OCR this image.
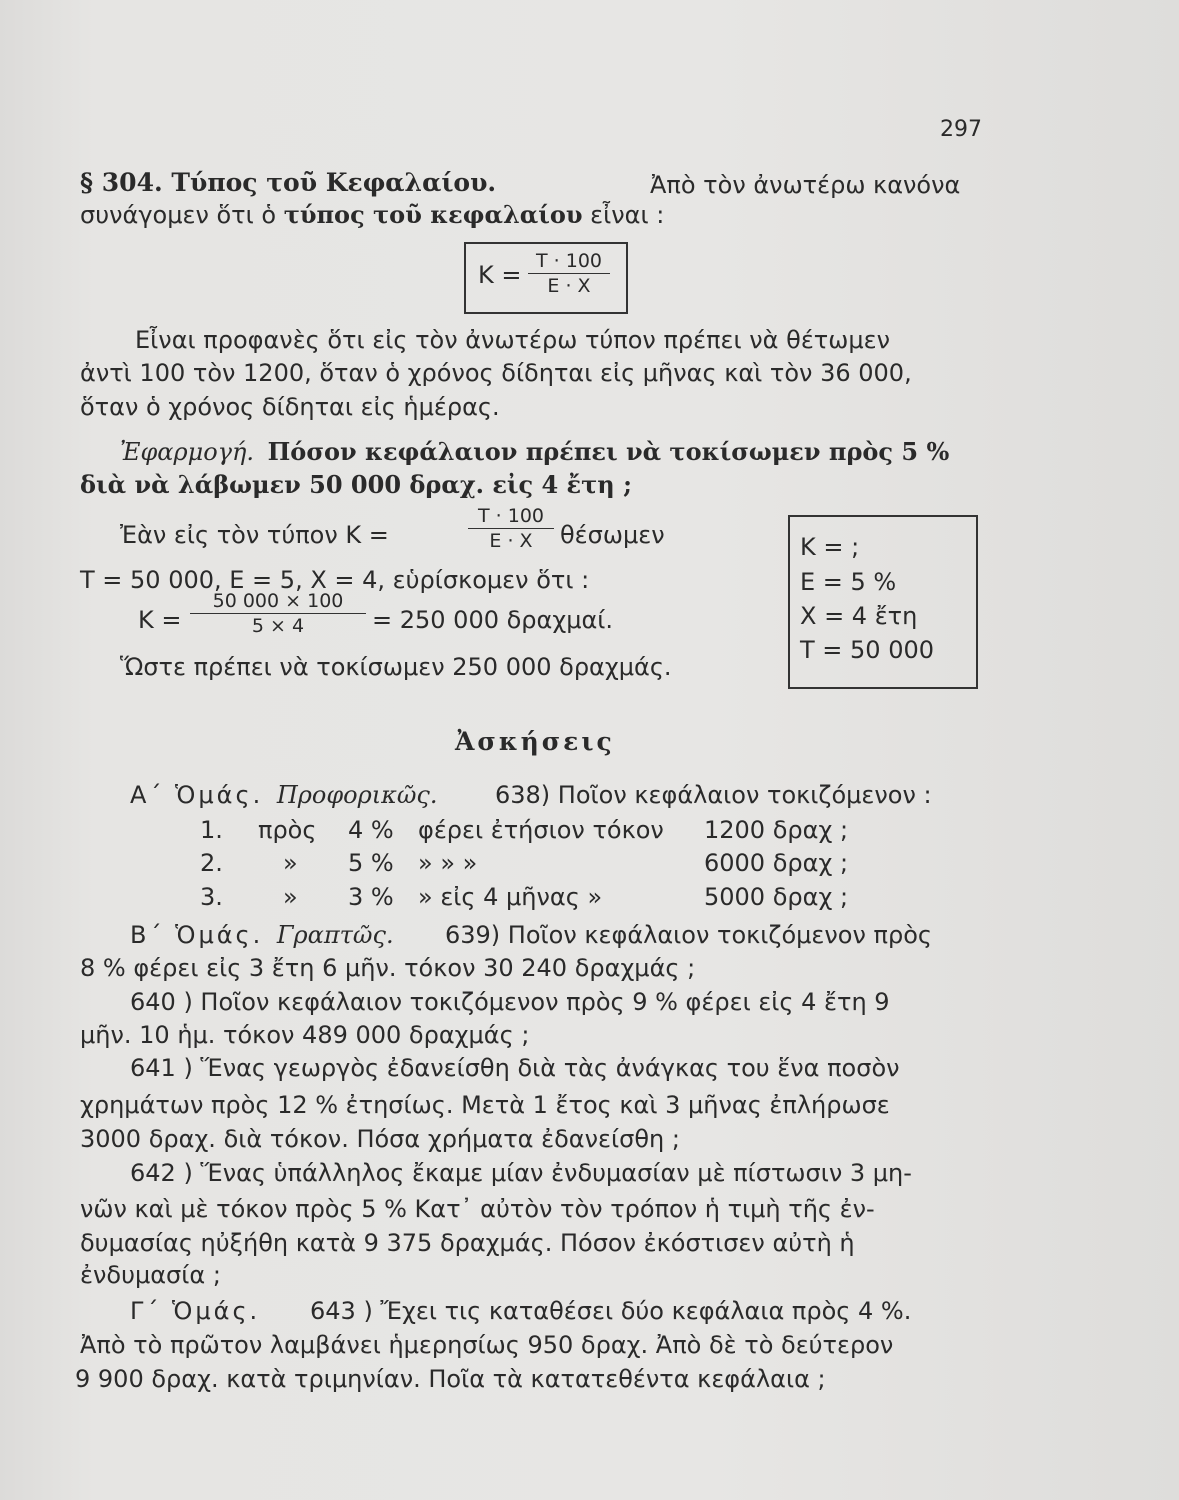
297
§ 304. Τύπος τοῦ Κεφαλαίου.	Ἀπὸ τὸν ἀνωτέρω κανόνα
συνάγομεν ὅτι ὁ τύπος τοῦ κεφαλαίου εἶναι :
K = T · 100
E · X
Εἶναι προφανὲς ὅτι εἰς τὸν ἀνωτέρω τύπον πρέπει νὰ θέτωμεν
ἀντὶ 100 τὸν 1200, ὅταν ὁ χρόνος δίδηται εἰς μῆνας καὶ τὸν 36 000,
ὅταν ὁ χρόνος δίδηται εἰς ἡμέρας.
Ἐφαρμογή. Πόσον κεφάλαιον πρέπει νὰ τοκίσωμεν πρὸς 5 %
διὰ νὰ λάβωμεν 50 000 δραχ. εἰς 4 ἔτη ;
Ἐὰν εἰς τὸν τύπον K =
T · 100
E · X	θέσωμεν
T = 50 000, E = 5, X = 4, εὑρίσκομεν ὅτι :
K =
50 000 × 100
5 × 4	= 250 000 δραχμαί.
Ὥστε πρέπει νὰ τοκίσωμεν 250 000 δραχμάς.
K = ;
E = 5 %
X = 4 ἔτη
T = 50 000
Ἀσκήσεις
Α΄ Ὁμάς. Προφορικῶς. 638) Ποῖον κεφάλαιον τοκιζόμενον :
1. πρὸς 4 % φέρει ἐτήσιον τόκον 1200 δραχ ;
2.	» 5 % » » »	6000 δραχ ;
3.	» 3 % » εἰς 4 μῆνας »	5000 δραχ ;
Β΄ Ὁμάς. Γραπτῶς. 639) Ποῖον κεφάλαιον τοκιζόμενον πρὸς
8 % φέρει εἰς 3 ἔτη 6 μῆν. τόκον 30 240 δραχμάς ;
640 ) Ποῖον κεφάλαιον τοκιζόμενον πρὸς 9 % φέρει εἰς 4 ἔτη 9
μῆν. 10 ἡμ. τόκον 489 000 δραχμάς ;
641 ) Ἕνας γεωργὸς ἐδανείσθη διὰ τὰς ἀνάγκας του ἕνα ποσὸν
χρημάτων πρὸς 12 % ἐτησίως. Μετὰ 1 ἔτος καὶ 3 μῆνας ἐπλήρωσε
3000 δραχ. διὰ τόκον. Πόσα χρήματα ἐδανείσθη ;
642 ) Ἕνας ὑπάλληλος ἔκαμε μίαν ἐνδυμασίαν μὲ πίστωσιν 3 μη-
νῶν καὶ μὲ τόκον πρὸς 5 % Κατ᾽ αὐτὸν τὸν τρόπον ἡ τιμὴ τῆς ἐν-
δυμασίας ηὐξήθη κατὰ 9 375 δραχμάς. Πόσον ἐκόστισεν αὐτὴ ἡ
ἐνδυμασία ;
Γ΄ Ὁμάς. 643 ) Ἔχει τις καταθέσει δύο κεφάλαια πρὸς 4 %.
Ἀπὸ τὸ πρῶτον λαμβάνει ἡμερησίως 950 δραχ. Ἀπὸ δὲ τὸ δεύτερον
9 900 δραχ. κατὰ τριμηνίαν. Ποῖα τὰ κατατεθέντα κεφάλαια ;
